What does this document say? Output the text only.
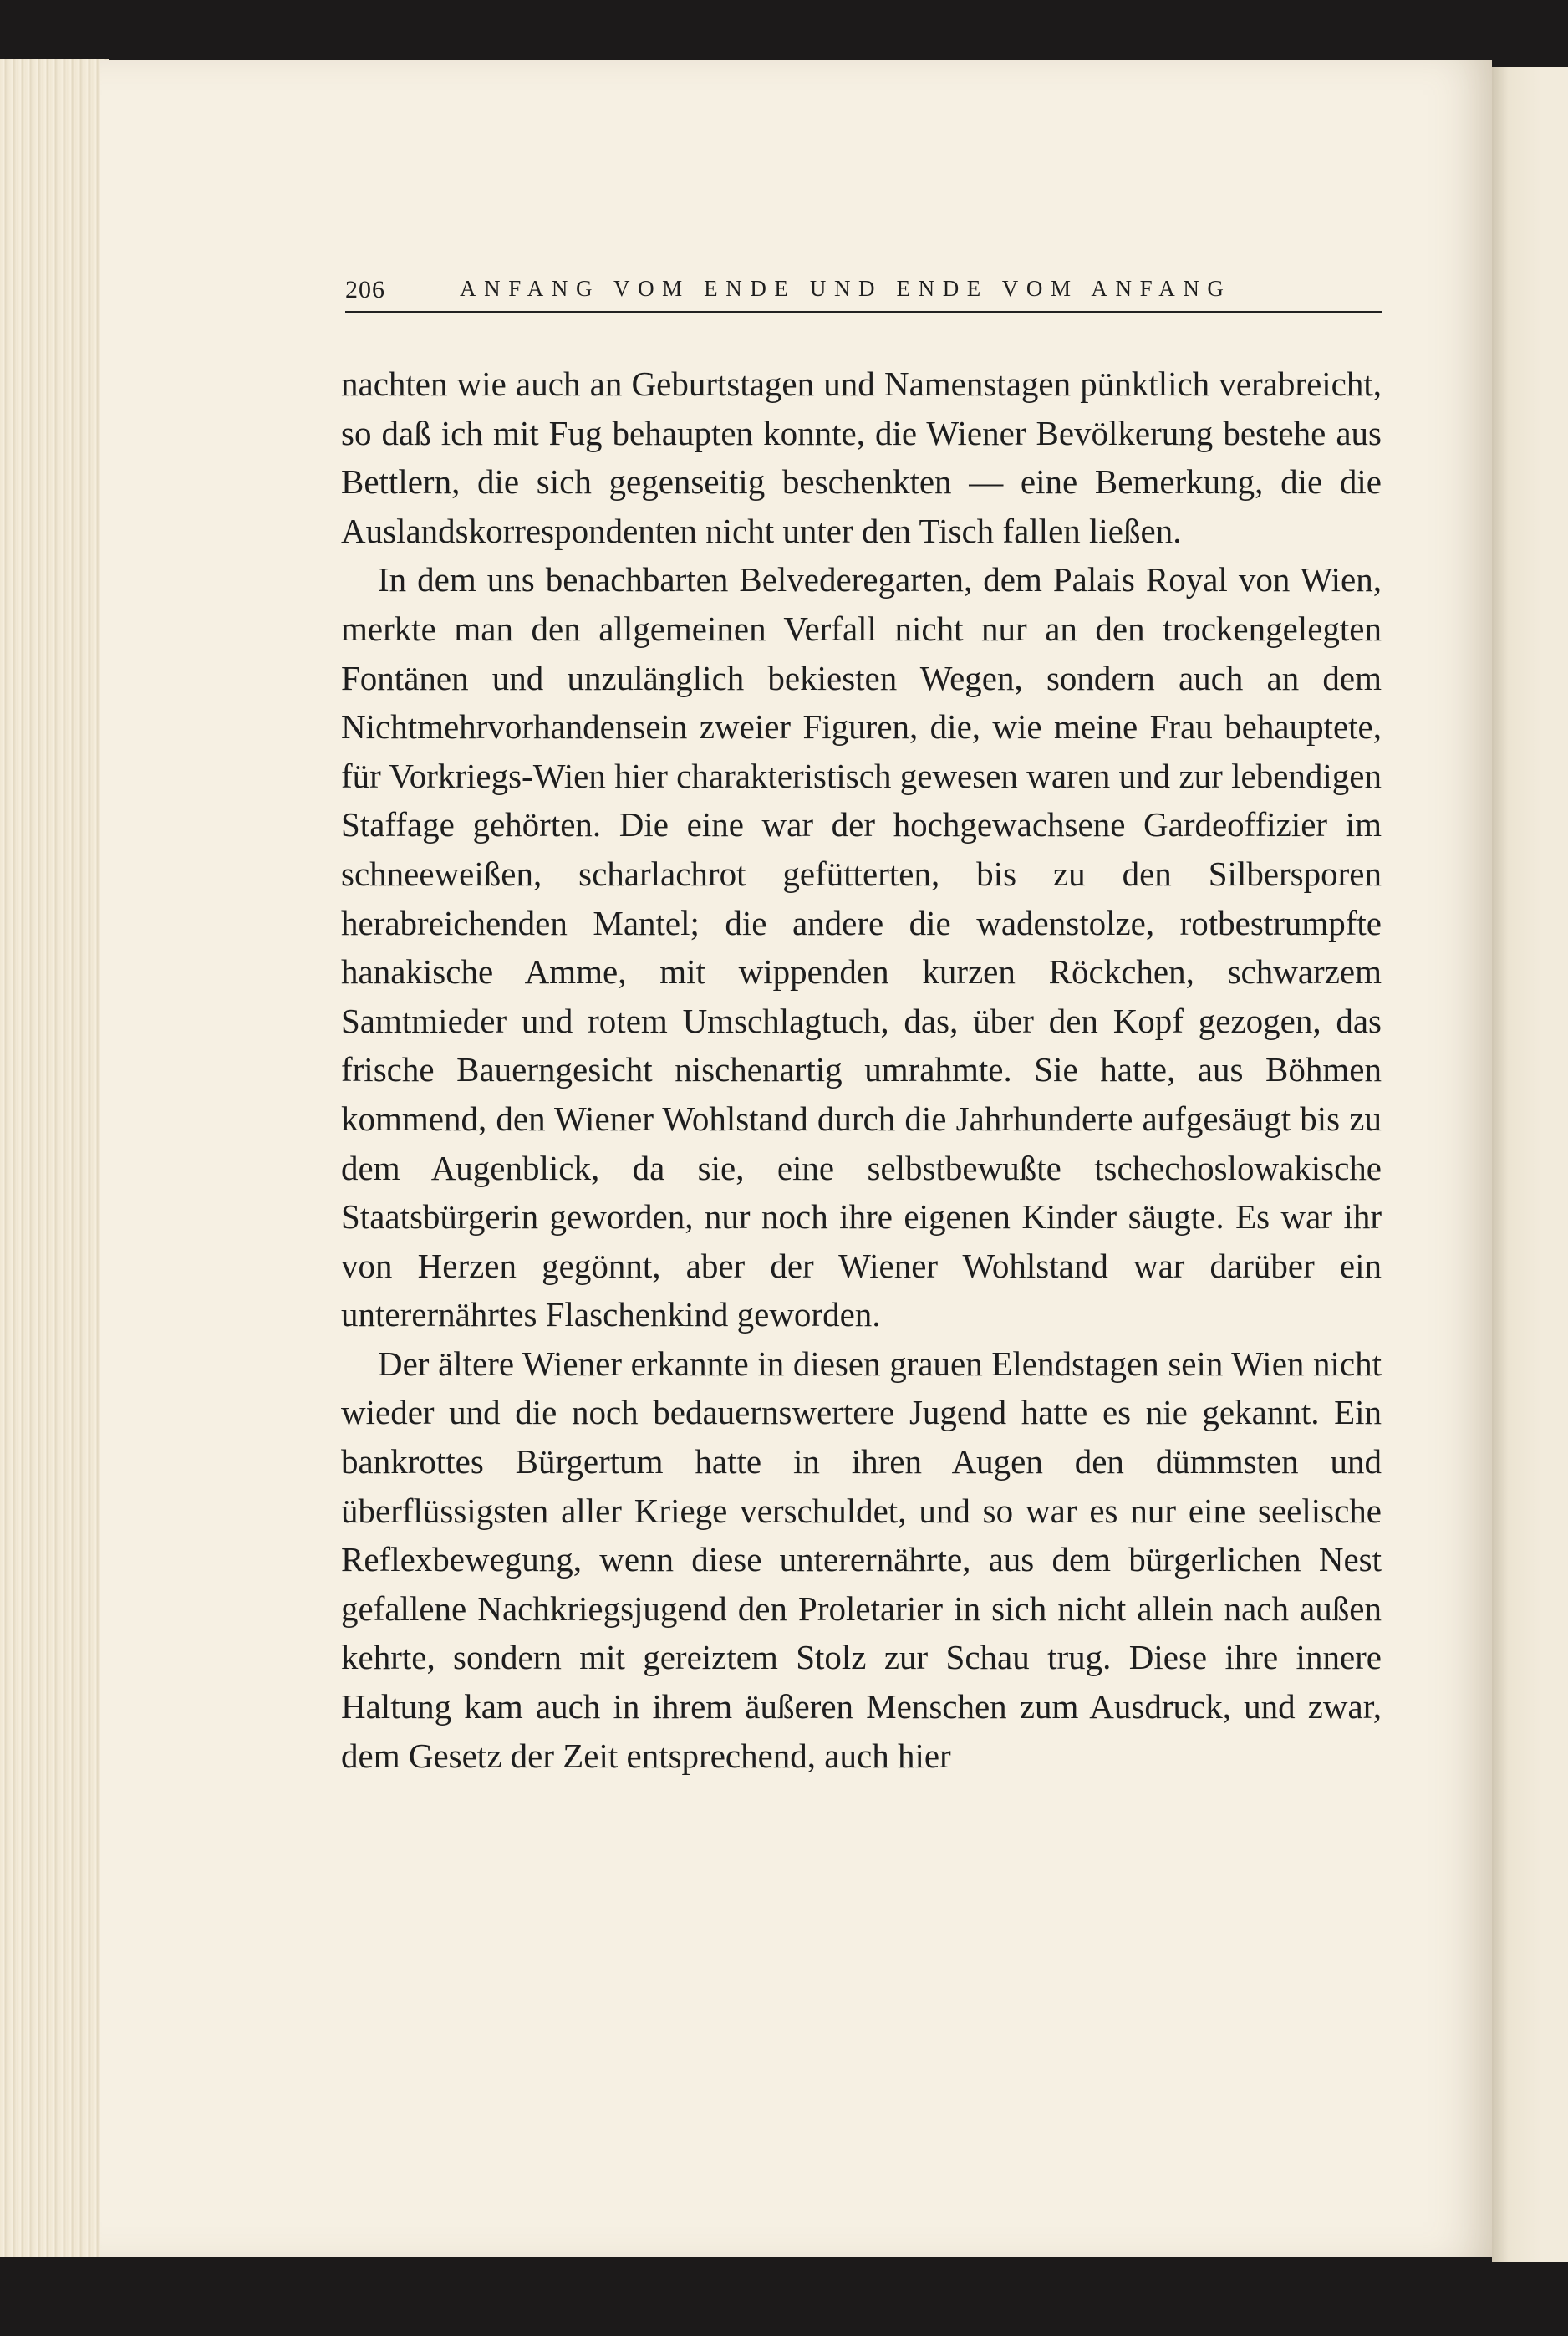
206	ANFANG VOM ENDE UND ENDE VOM ANFANG

nachten wie auch an Geburtstagen und Namenstagen pünktlich verabreicht, so daß ich mit Fug behaupten konnte, die Wiener Bevölkerung bestehe aus Bettlern, die sich gegenseitig beschenkten — eine Bemerkung, die die Auslandskorrespondenten nicht unter den Tisch fallen ließen.

In dem uns benachbarten Belvederegarten, dem Palais Royal von Wien, merkte man den allgemeinen Verfall nicht nur an den trockengelegten Fontänen und unzulänglich bekiesten Wegen, sondern auch an dem Nichtmehrvorhandensein zweier Figuren, die, wie meine Frau behauptete, für Vorkriegs-Wien hier charakteristisch gewesen waren und zur lebendigen Staffage gehörten. Die eine war der hochgewachsene Gardeoffizier im schneeweißen, scharlachrot gefütterten, bis zu den Silbersporen herabreichenden Mantel; die andere die wadenstolze, rotbestrumpfte hanakische Amme, mit wippenden kurzen Röckchen, schwarzem Samtmieder und rotem Umschlagtuch, das, über den Kopf gezogen, das frische Bauerngesicht nischenartig umrahmte. Sie hatte, aus Böhmen kommend, den Wiener Wohlstand durch die Jahrhunderte aufgesäugt bis zu dem Augenblick, da sie, eine selbstbewußte tschechoslowakische Staatsbürgerin geworden, nur noch ihre eigenen Kinder säugte. Es war ihr von Herzen gegönnt, aber der Wiener Wohlstand war darüber ein unterernährtes Flaschenkind geworden.

Der ältere Wiener erkannte in diesen grauen Elendstagen sein Wien nicht wieder und die noch bedauernswertere Jugend hatte es nie gekannt. Ein bankrottes Bürgertum hatte in ihren Augen den dümmsten und überflüssigsten aller Kriege verschuldet, und so war es nur eine seelische Reflexbewegung, wenn diese unterernährte, aus dem bürgerlichen Nest gefallene Nachkriegsjugend den Proletarier in sich nicht allein nach außen kehrte, sondern mit gereiztem Stolz zur Schau trug. Diese ihre innere Haltung kam auch in ihrem äußeren Menschen zum Ausdruck, und zwar, dem Gesetz der Zeit entsprechend, auch hier
